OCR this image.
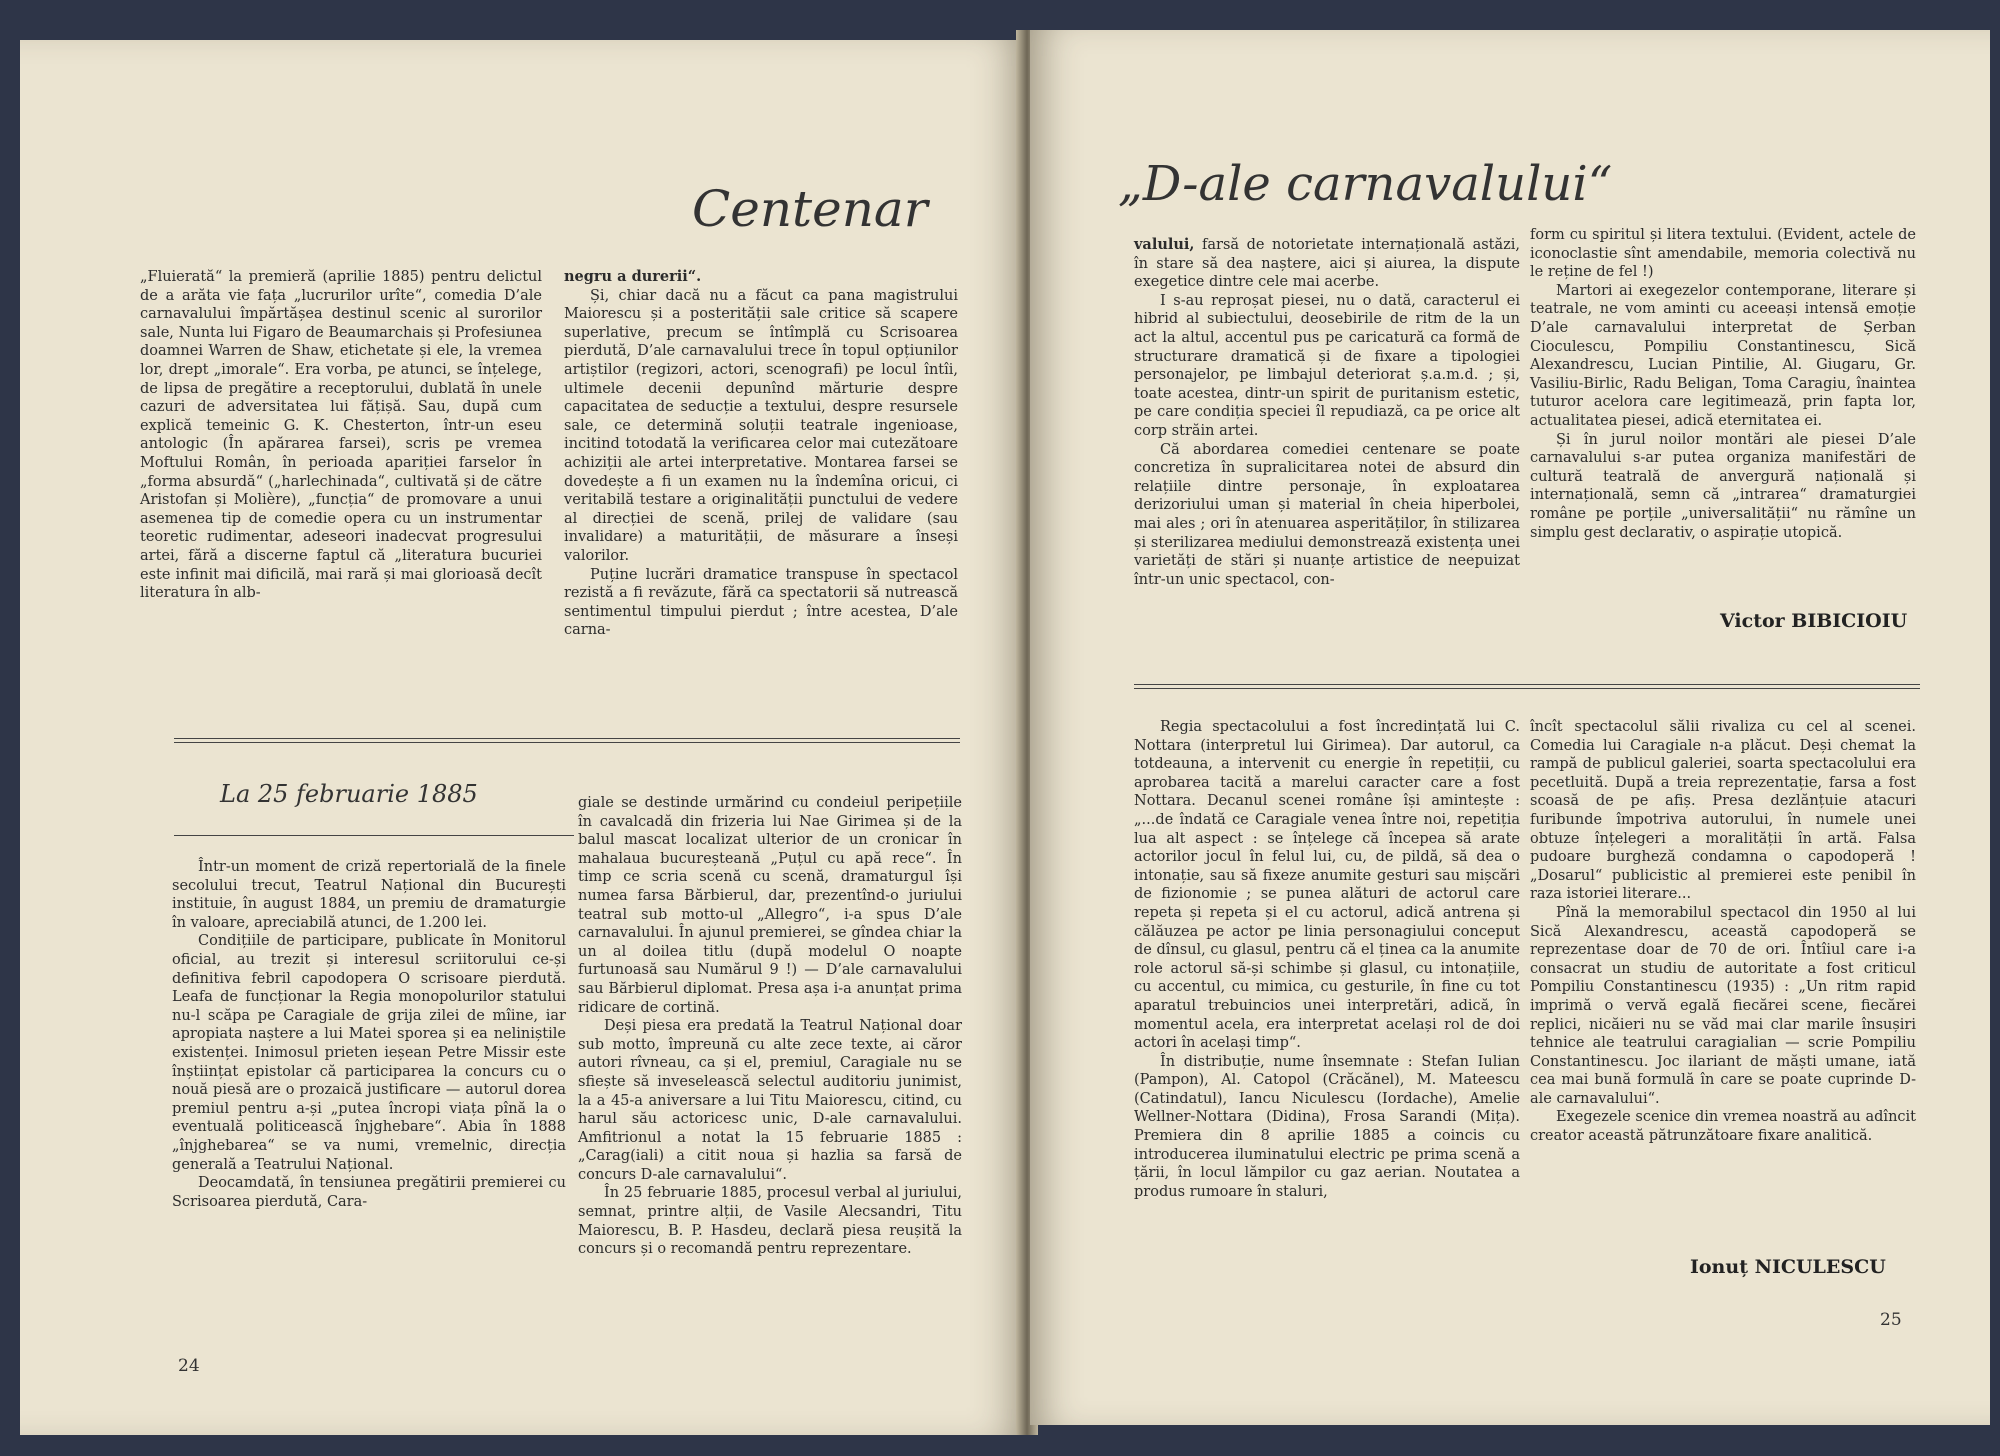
Centenar

„Fluierată“ la premieră (aprilie 1885) pentru delictul de a arăta vie fața „lucrurilor urîte“, comedia D’ale carnavalului împărtășea destinul scenic al surorilor sale, Nunta lui Figaro de Beaumarchais și Profesiunea doamnei Warren de Shaw, etichetate și ele, la vremea lor, drept „imorale“. Era vorba, pe atunci, se înțelege, de lipsa de pregătire a receptorului, dublată în unele cazuri de adversitatea lui fățișă. Sau, după cum explică temeinic G. K. Chesterton, într-un eseu antologic (În apărarea farsei), scris pe vremea Moftului Român, în perioada apariției farselor în „forma absurdă“ („harlechinada“, cultivată și de către Aristofan și Molière), „funcția“ de promovare a unui asemenea tip de comedie opera cu un instrumentar teoretic rudimentar, adeseori inadecvat progresului artei, fără a discerne faptul că „literatura bucuriei este infinit mai dificilă, mai rară și mai glorioasă decît literatura în alb-

negru a durerii“.

Și, chiar dacă nu a făcut ca pana magistrului Maiorescu și a posterității sale critice să scapere superlative, precum se întîmplă cu Scrisoarea pierdută, D’ale carnavalului trece în topul opțiunilor artiștilor (regizori, actori, scenografi) pe locul întîi, ultimele decenii depunînd mărturie despre capacitatea de seducție a textului, despre resursele sale, ce determină soluții teatrale ingenioase, incitind totodată la verificarea celor mai cutezătoare achiziții ale artei interpretative. Montarea farsei se dovedește a fi un examen nu la îndemîna oricui, ci veritabilă testare a originalității punctului de vedere al direcției de scenă, prilej de validare (sau invalidare) a maturității, de măsurare a înseși valorilor.

Puține lucrări dramatice transpuse în spectacol rezistă a fi revăzute, fără ca spectatorii să nutrească sentimentul timpului pierdut ; între acestea, D’ale carna-

La 25 februarie 1885

Într-un moment de criză repertorială de la finele secolului trecut, Teatrul Național din București instituie, în august 1884, un premiu de dramaturgie în valoare, apreciabilă atunci, de 1.200 lei.

Condițiile de participare, publicate în Monitorul oficial, au trezit și interesul scriitorului ce-și definitiva febril capodopera O scrisoare pierdută. Leafa de funcționar la Regia monopolurilor statului nu-l scăpa pe Caragiale de grija zilei de mîine, iar apropiata naștere a lui Matei sporea și ea neliniștile existenței. Inimosul prieten ieșean Petre Missir este înștiințat epistolar că participarea la concurs cu o nouă piesă are o prozaică justificare — autorul dorea premiul pentru a-și „putea încropi viața pînă la o eventuală politicească înjghebare“. Abia în 1888 „înjghebarea“ se va numi, vremelnic, direcția generală a Teatrului Național.

Deocamdată, în tensiunea pregătirii premierei cu Scrisoarea pierdută, Cara-

giale se destinde urmărind cu condeiul peripețiile în cavalcadă din frizeria lui Nae Girimea și de la balul mascat localizat ulterior de un cronicar în mahalaua bucureșteană „Puțul cu apă rece“. În timp ce scria scenă cu scenă, dramaturgul își numea farsa Bărbierul, dar, prezentînd-o juriului teatral sub motto-ul „Allegro“, i-a spus D’ale carnavalului. În ajunul premierei, se gîndea chiar la un al doilea titlu (după modelul O noapte furtunoasă sau Numărul 9 !) — D’ale carnavalului sau Bărbierul diplomat. Presa așa i-a anunțat prima ridicare de cortină.

Deși piesa era predată la Teatrul Național doar sub motto, împreună cu alte zece texte, ai căror autori rîvneau, ca și el, premiul, Caragiale nu se sfiește să inveselească selectul auditoriu junimist, la a 45-a aniversare a lui Titu Maiorescu, citind, cu harul său actoricesc unic, D-ale carnavalului. Amfitrionul a notat la 15 februarie 1885 : „Carag(iali) a citit noua și hazlia sa farsă de concurs D-ale carnavalului“.

În 25 februarie 1885, procesul verbal al juriului, semnat, printre alții, de Vasile Alecsandri, Titu Maiorescu, B. P. Hasdeu, declară piesa reușită la concurs și o recomandă pentru reprezentare.

24
„D-ale carnavalului“

valului, farsă de notorietate internațională astăzi, în stare să dea naștere, aici și aiurea, la dispute exegetice dintre cele mai acerbe.

I s-au reproșat piesei, nu o dată, caracterul ei hibrid al subiectului, deosebirile de ritm de la un act la altul, accentul pus pe caricatură ca formă de structurare dramatică și de fixare a tipologiei personajelor, pe limbajul deteriorat ș.a.m.d. ; și, toate acestea, dintr-un spirit de puritanism estetic, pe care condiția speciei îl repudiază, ca pe orice alt corp străin artei.

Că abordarea comediei centenare se poate concretiza în supralicitarea notei de absurd din relațiile dintre personaje, în exploatarea derizoriului uman și material în cheia hiperbolei, mai ales ; ori în atenuarea asperităților, în stilizarea și sterilizarea mediului demonstrează existența unei varietăți de stări și nuanțe artistice de neepuizat într-un unic spectacol, con-

form cu spiritul și litera textului. (Evident, actele de iconoclastie sînt amendabile, memoria colectivă nu le reține de fel !)

Martori ai exegezelor contemporane, literare și teatrale, ne vom aminti cu aceeași intensă emoție D’ale carnavalului interpretat de Șerban Cioculescu, Pompiliu Constantinescu, Sică Alexandrescu, Lucian Pintilie, Al. Giugaru, Gr. Vasiliu-Birlic, Radu Beligan, Toma Caragiu, înaintea tuturor acelora care legitimează, prin fapta lor, actualitatea piesei, adică eternitatea ei.

Și în jurul noilor montări ale piesei D’ale carnavalului s-ar putea organiza manifestări de cultură teatrală de anvergură națională și internațională, semn că „intrarea“ dramaturgiei române pe porțile „universalității“ nu rămîne un simplu gest declarativ, o aspirație utopică.

Victor BIBICIOIU

Regia spectacolului a fost încredințată lui C. Nottara (interpretul lui Girimea). Dar autorul, ca totdeauna, a intervenit cu energie în repetiții, cu aprobarea tacită a marelui caracter care a fost Nottara. Decanul scenei române își amintește : „...de îndată ce Caragiale venea între noi, repetiția lua alt aspect : se înțelege că începea să arate actorilor jocul în felul lui, cu, de pildă, să dea o intonație, sau să fixeze anumite gesturi sau mișcări de fizionomie ; se punea alături de actorul care repeta și repeta și el cu actorul, adică antrena și călăuzea pe actor pe linia personagiului conceput de dînsul, cu glasul, pentru că el ținea ca la anumite role actorul să-și schimbe și glasul, cu intonațiile, cu accentul, cu mimica, cu gesturile, în fine cu tot aparatul trebuincios unei interpretări, adică, în momentul acela, era interpretat același rol de doi actori în același timp“.

În distribuție, nume însemnate : Stefan Iulian (Pampon), Al. Catopol (Crăcănel), M. Mateescu (Catindatul), Iancu Niculescu (Iordache), Amelie Wellner-Nottara (Didina), Frosa Sarandi (Mița). Premiera din 8 aprilie 1885 a coincis cu introducerea iluminatului electric pe prima scenă a țării, în locul lămpilor cu gaz aerian. Noutatea a produs rumoare în staluri,

încît spectacolul sălii rivaliza cu cel al scenei. Comedia lui Caragiale n-a plăcut. Deși chemat la rampă de publicul galeriei, soarta spectacolului era pecetluită. După a treia reprezentație, farsa a fost scoasă de pe afiș. Presa dezlănțuie atacuri furibunde împotriva autorului, în numele unei obtuze înțelegeri a moralității în artă. Falsa pudoare burgheză condamna o capodoperă ! „Dosarul“ publicistic al premierei este penibil în raza istoriei literare...

Pînă la memorabilul spectacol din 1950 al lui Sică Alexandrescu, această capodoperă se reprezentase doar de 70 de ori. Întîiul care i-a consacrat un studiu de autoritate a fost criticul Pompiliu Constantinescu (1935) : „Un ritm rapid imprimă o vervă egală fiecărei scene, fiecărei replici, nicăieri nu se văd mai clar marile însușiri tehnice ale teatrului caragialian — scrie Pompiliu Constantinescu. Joc ilariant de măști umane, iată cea mai bună formulă în care se poate cuprinde D-ale carnavalului“.

Exegezele scenice din vremea noastră au adîncit creator această pătrunzătoare fixare analitică.

Ionuț NICULESCU
25
